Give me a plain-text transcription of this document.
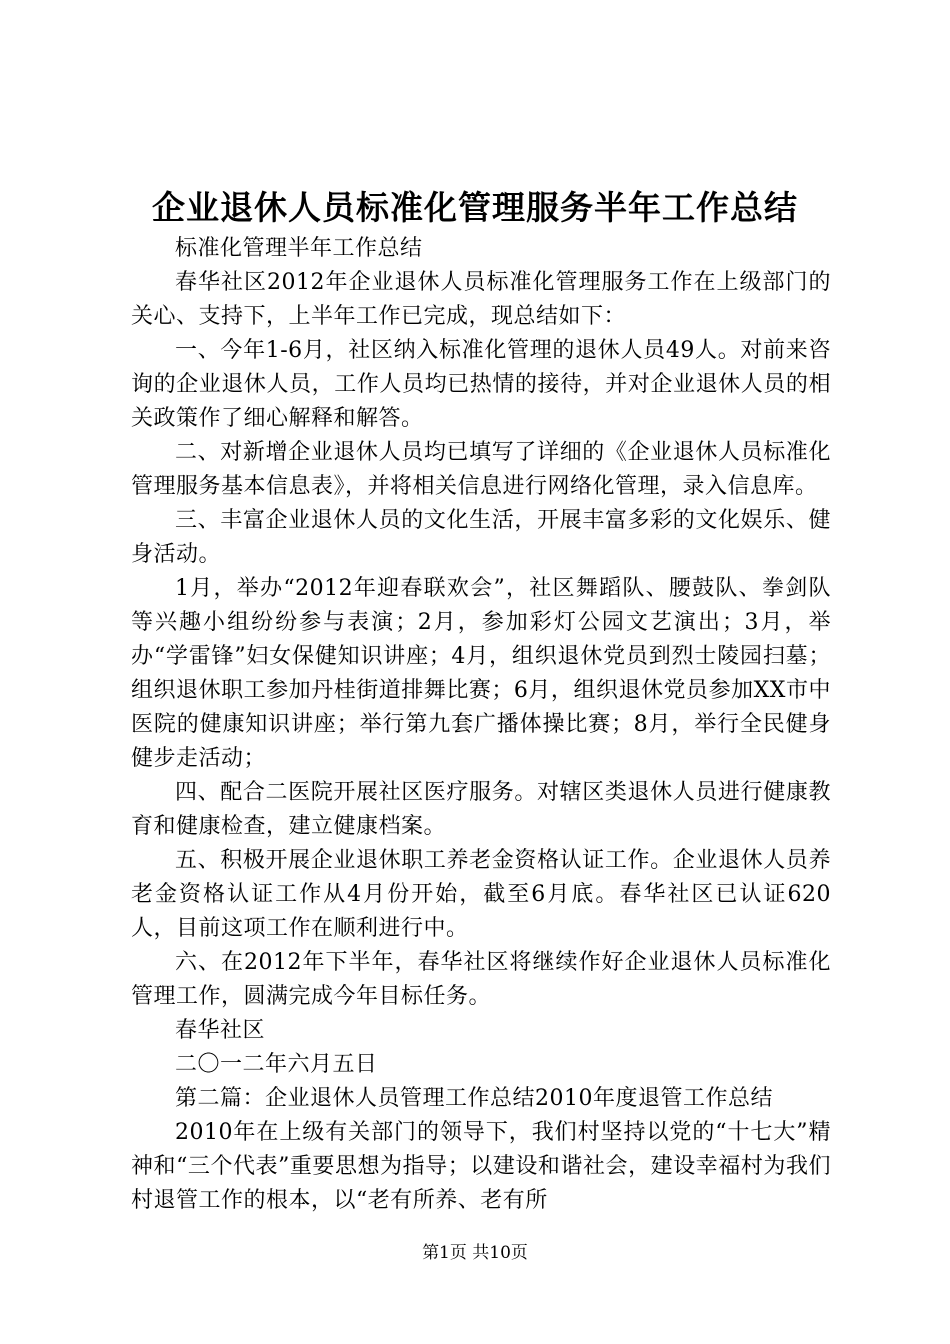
企业退休人员标准化管理服务半年工作总结

标准化管理半年工作总结

春华社区2012年企业退休人员标准化管理服务工作在上级部门的关心、支持下，上半年工作已完成，现总结如下：

一、今年1-6月，社区纳入标准化管理的退休人员49人。对前来咨询的企业退休人员，工作人员均已热情的接待，并对企业退休人员的相关政策作了细心解释和解答。

二、对新增企业退休人员均已填写了详细的《企业退休人员标准化管理服务基本信息表》，并将相关信息进行网络化管理，录入信息库。

三、丰富企业退休人员的文化生活，开展丰富多彩的文化娱乐、健身活动。

1月，举办“2012年迎春联欢会”，社区舞蹈队、腰鼓队、拳剑队等兴趣小组纷纷参与表演；2月，参加彩灯公园文艺演出；3月，举办“学雷锋”妇女保健知识讲座；4月，组织退休党员到烈士陵园扫墓；组织退休职工参加丹桂街道排舞比赛；6月，组织退休党员参加XX市中医院的健康知识讲座；举行第九套广播体操比赛；8月，举行全民健身健步走活动；

四、配合二医院开展社区医疗服务。对辖区类退休人员进行健康教育和健康检查，建立健康档案。

五、积极开展企业退休职工养老金资格认证工作。企业退休人员养老金资格认证工作从4月份开始，截至6月底。春华社区已认证620人，目前这项工作在顺利进行中。

六、在2012年下半年，春华社区将继续作好企业退休人员标准化管理工作，圆满完成今年目标任务。

春华社区

二〇一二年六月五日

第二篇：企业退休人员管理工作总结2010年度退管工作总结

2010年在上级有关部门的领导下，我们村坚持以党的“十七大”精神和“三个代表”重要思想为指导；以建设和谐社会，建设幸福村为我们村退管工作的根本，以“老有所养、老有所

第1页 共10页
